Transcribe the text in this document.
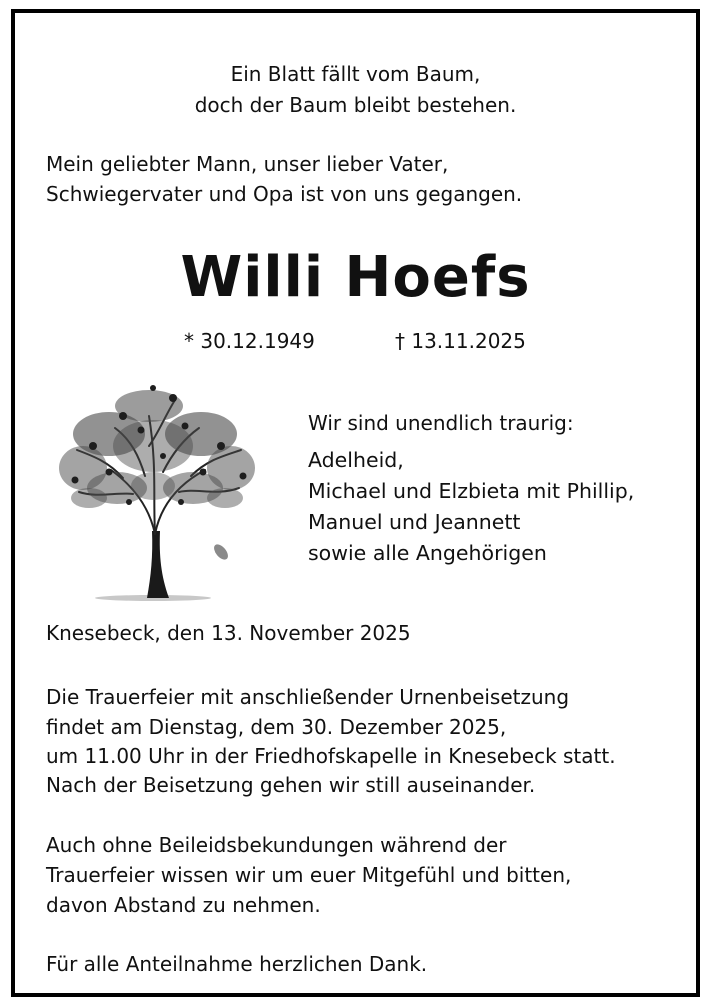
Ein Blatt fällt vom Baum,

doch der Baum bleibt bestehen.

Mein geliebter Mann, unser lieber Vater,

Schwiegervater und Opa ist von uns gegangen.

Willi Hoefs
* 30.12.1949	† 13.11.2025
Wir sind unendlich traurig:
Adelheid,
Michael und Elzbieta mit Phillip,
Manuel und Jeannett
sowie alle Angehörigen

Knesebeck, den 13. November 2025

Die Trauerfeier mit anschließender Urnenbeisetzung

findet am Dienstag, dem 30. Dezember 2025,

um 11.00 Uhr in der Friedhofskapelle in Knesebeck statt.

Nach der Beisetzung gehen wir still auseinander.

Auch ohne Beileidsbekundungen während der

Trauerfeier wissen wir um euer Mitgefühl und bitten,

davon Abstand zu nehmen.

Für alle Anteilnahme herzlichen Dank.
